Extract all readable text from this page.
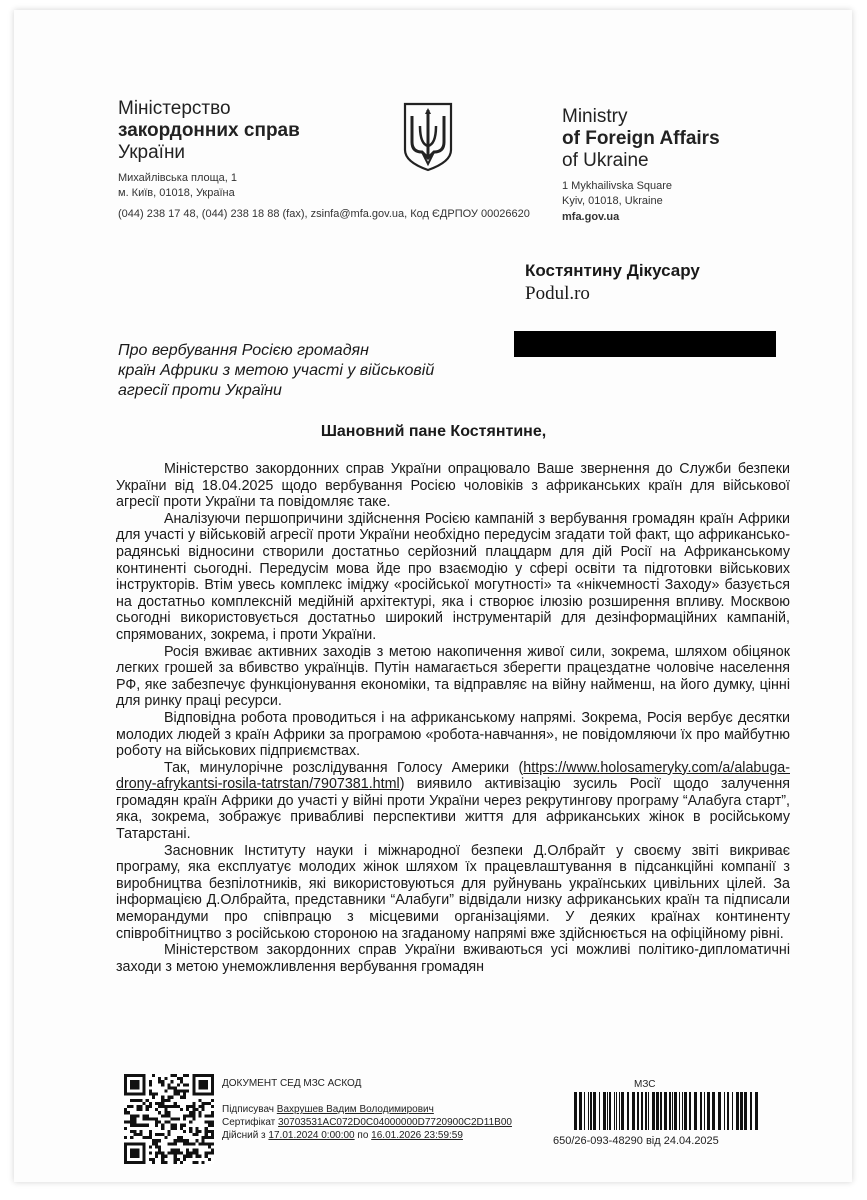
Міністерство
закордонних справ
України
Михайлівська площа, 1
м. Київ, 01018, Україна
(044) 238 17 48, (044) 238 18 88 (fax), zsinfa@mfa.gov.ua, Код ЄДРПОУ 00026620
Ministry
of Foreign Affairs
of Ukraine
1 Mykhailivska Square
Kyiv, 01018, Ukraine
mfa.gov.ua
Костянтину Дікусару
Podul.ro
Про вербування Росією громадян
країн Африки з метою участі у військовій
агресії проти України
Шановний пане Костянтине,

Міністерство закордонних справ України опрацювало Ваше звернення до Служби безпеки України від 18.04.2025 щодо вербування Росією чоловіків з африканських країн для військової агресії проти України та повідомляє таке.

Аналізуючи першопричини здійснення Росією кампаній з вербування громадян країн Африки для участі у військовій агресії проти України необхідно передусім згадати той факт, що африкансько-радянські відносини створили достатньо серйозний плацдарм для дій Росії на Африканському континенті сьогодні. Передусім мова йде про взаємодію у сфері освіти та підготовки військових інструкторів. Втім увесь комплекс іміджу «російської могутності» та «нікчемності Заходу» базується на достатньо комплексній медійній архітектурі, яка і створює ілюзію розширення впливу. Москвою сьогодні використовується достатньо широкий інструментарій для дезінформаційних кампаній, спрямованих, зокрема, і проти України.

Росія вживає активних заходів з метою накопичення живої сили, зокрема, шляхом обіцянок легких грошей за вбивство українців. Путін намагається зберегти працездатне чоловіче населення РФ, яке забезпечує функціонування економіки, та відправляє на війну найменш, на його думку, цінні для ринку праці ресурси.

Відповідна робота проводиться і на африканському напрямі. Зокрема, Росія вербує десятки молодих людей з країн Африки за програмою «робота-навчання», не повідомляючи їх про майбутню роботу на військових підприємствах.

Так, минулорічне розслідування Голосу Америки (https://www.holosameryky.com/a/alabuga-drony-afrykantsi-rosila-tatrstan/7907381.html) виявило активізацію зусиль Росії щодо залучення громадян країн Африки до участі у війні проти України через рекрутингову програму “Алабуга старт”, яка, зокрема, зображує привабливі перспективи життя для африканських жінок в російському Татарстані.

Засновник Інституту науки і міжнародної безпеки Д.Олбрайт у своєму звіті викриває програму, яка експлуатує молодих жінок шляхом їх працевлаштування в підсанкційні компанії з виробництва безпілотників, які використовуються для руйнувань українських цивільних цілей. За інформацією Д.Олбрайта, представники “Алабуги” відвідали низку африканських країн та підписали меморандуми про співпрацю з місцевими організаціями. У деяких країнах континенту співробітництво з російською стороною на згаданому напрямі вже здійснюється на офіційному рівні.

Міністерством закордонних справ України вживаються усі можливі політико-дипломатичні заходи з метою унеможливлення вербування громадян

ДОКУМЕНТ СЕД МЗС АСКОД
Підписувач Вахрушев Вадим Володимирович
Сертифікат 30703531AC072D0C04000000D7720900C2D11B00
Дійсний з 17.01.2024 0:00:00 по 16.01.2026 23:59:59
МЗС
650/26-093-48290 від 24.04.2025
